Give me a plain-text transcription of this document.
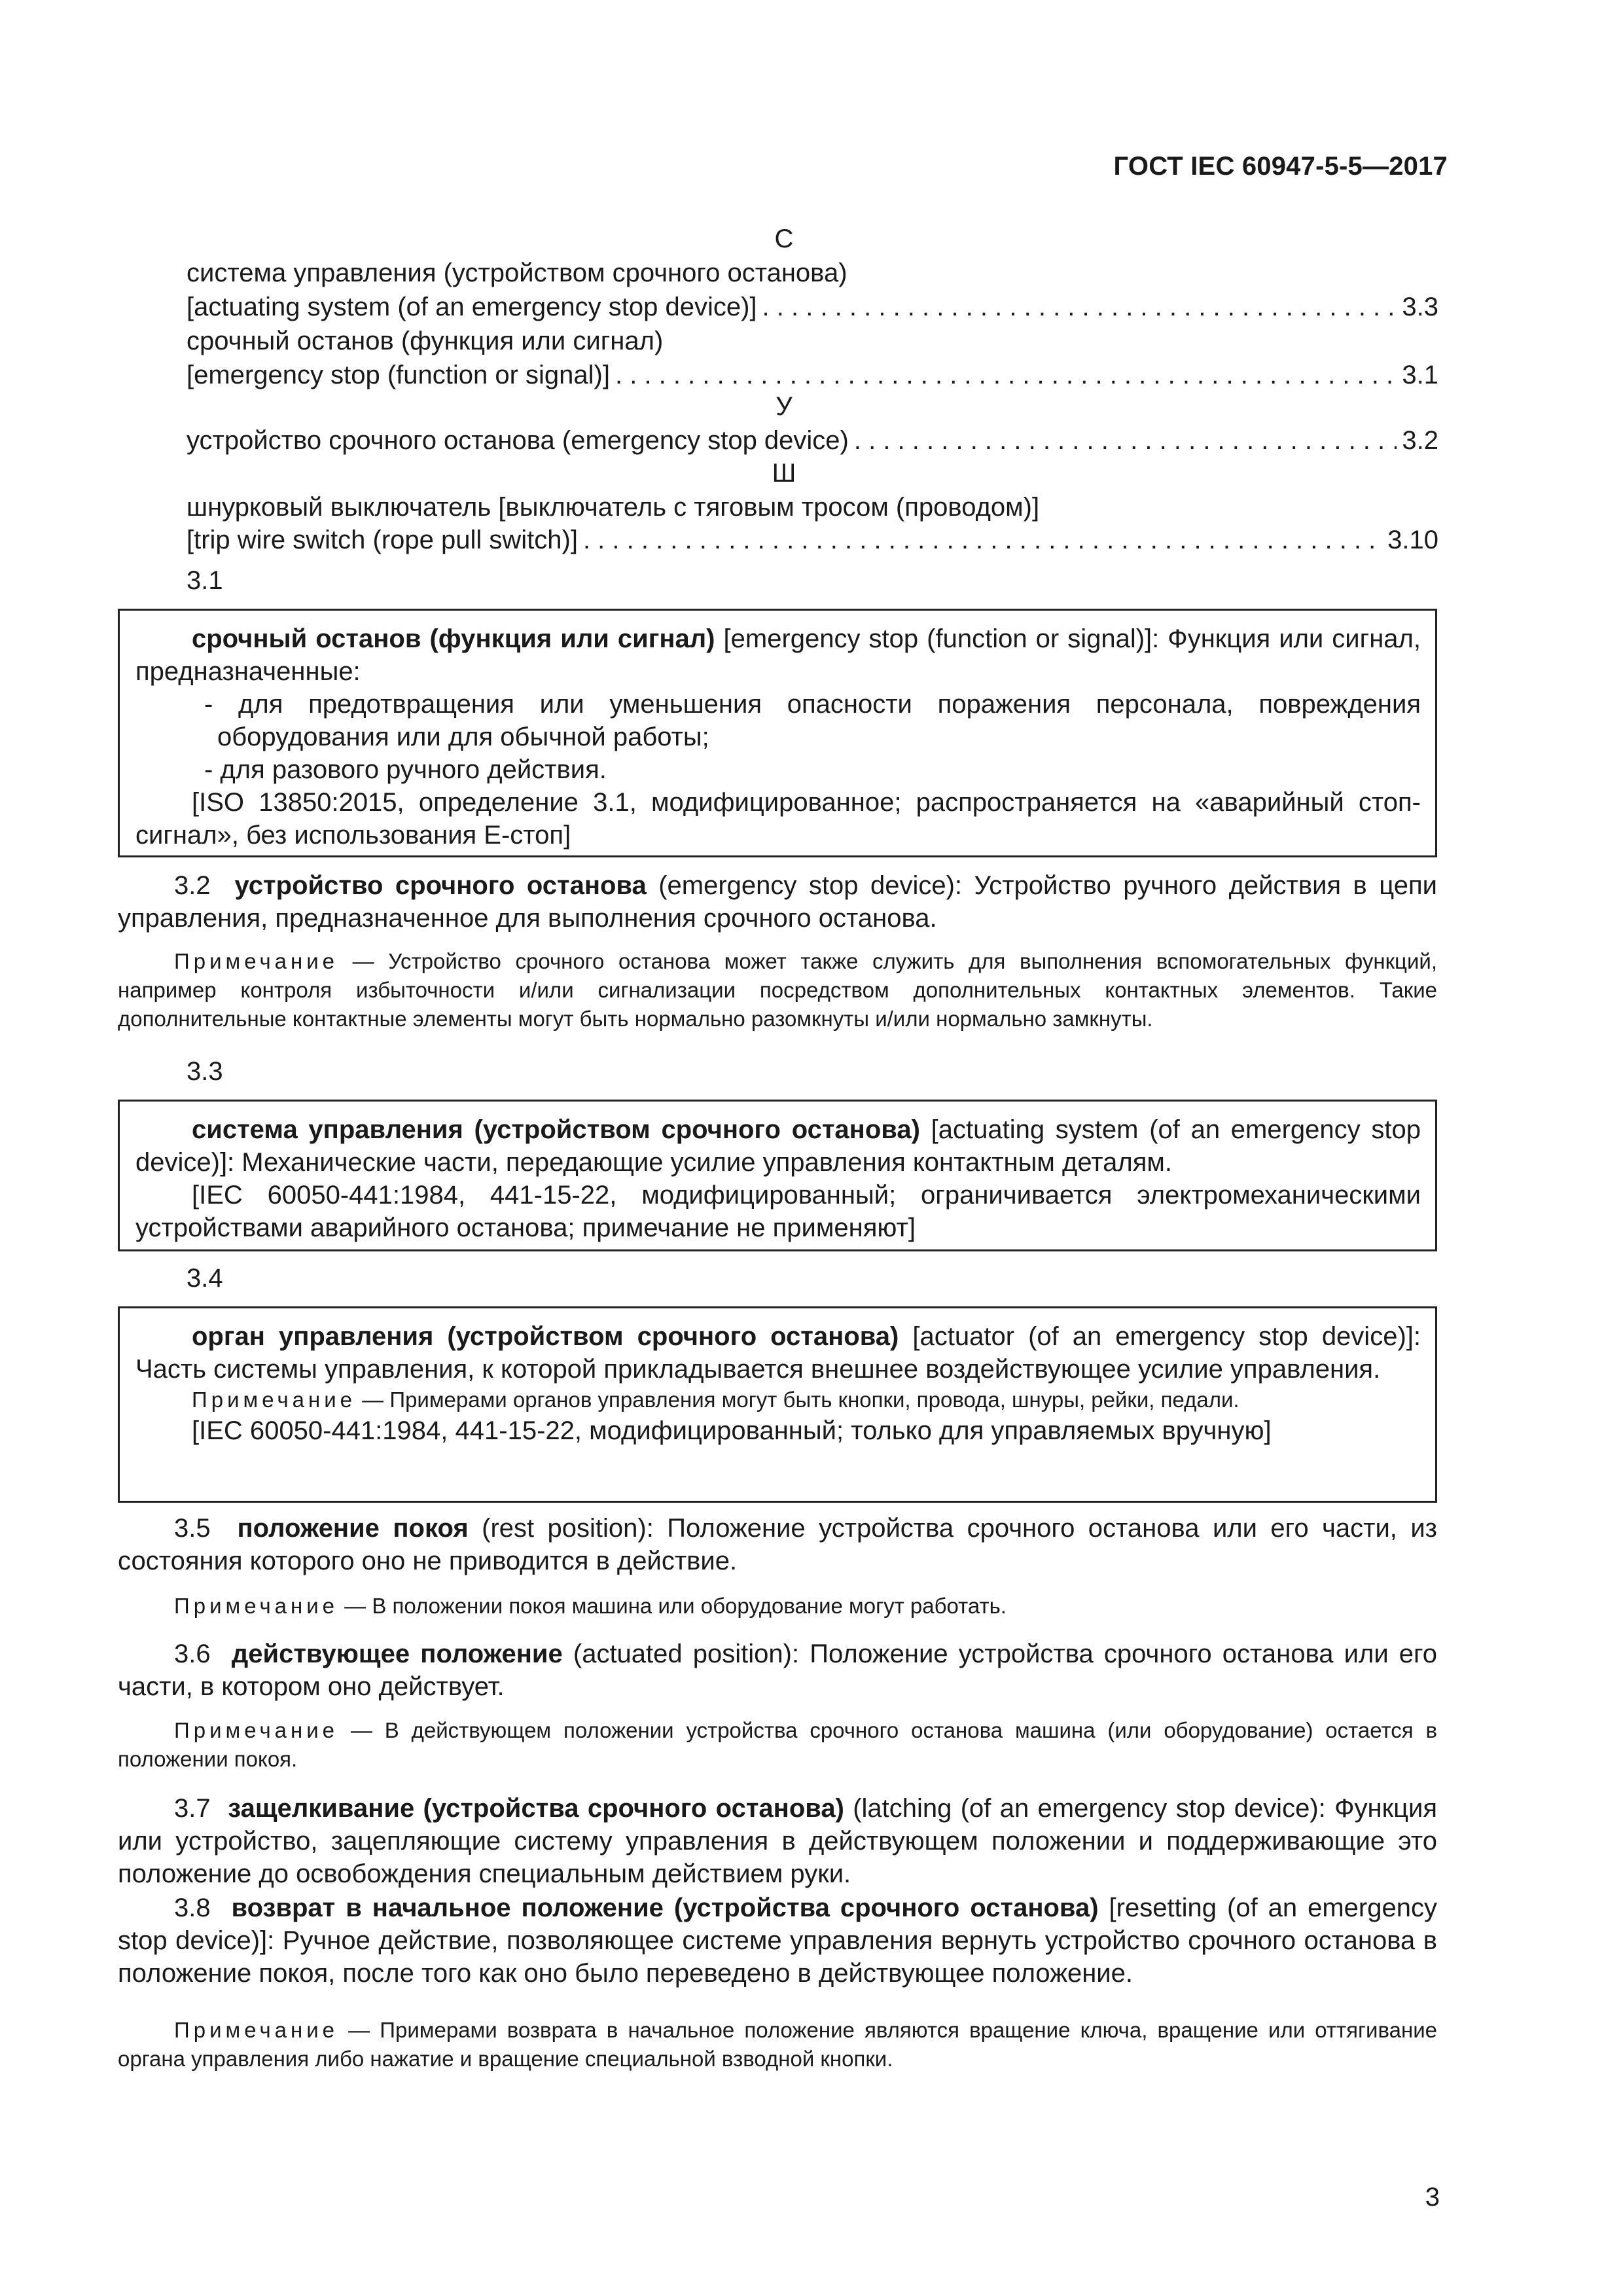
ГОСТ IEC 60947-5-5—2017
С
система управления (устройством срочного останова)
[actuating system (of an emergency stop device)] . . .	3.3
срочный останов (функция или сигнал)
[emergency stop (function or signal)] . . .	3.1
У
устройство срочного останова (emergency stop device) . . .	3.2
Ш
шнурковый выключатель [выключатель с тяговым тросом (проводом)]
[trip wire switch (rope pull switch)] . . .	3.10
3.1

срочный останов (функция или сигнал) [emergency stop (function or signal)]: Функция или сигнал, предназначенные:

- для предотвращения или уменьшения опасности поражения персонала, повреждения оборудования или для обычной работы;

- для разового ручного действия.

[ISO 13850:2015, определение 3.1, модифицированное; распространяется на «аварийный стоп-сигнал», без использования Е-стоп]

3.2 устройство срочного останова (emergency stop device): Устройство ручного действия в цепи управления, предназначенное для выполнения срочного останова.

Примечание — Устройство срочного останова может также служить для выполнения вспомогательных функций, например контроля избыточности и/или сигнализации посредством дополнительных контактных элементов. Такие дополнительные контактные элементы могут быть нормально разомкнуты и/или нормально замкнуты.
3.3

система управления (устройством срочного останова) [actuating system (of an emergency stop device)]: Механические части, передающие усилие управления контактным деталям.

[IEC 60050-441:1984, 441-15-22, модифицированный; ограничивается электромеханическими устройствами аварийного останова; примечание не применяют]

3.4

орган управления (устройством срочного останова) [actuator (of an emergency stop device)]: Часть системы управления, к которой прикладывается внешнее воздействующее усилие управления.

Примечание — Примерами органов управления могут быть кнопки, провода, шнуры, рейки, педали.

[IEC 60050-441:1984, 441-15-22, модифицированный; только для управляемых вручную]

3.5 положение покоя (rest position): Положение устройства срочного останова или его части, из состояния которого оно не приводится в действие.

Примечание — В положении покоя машина или оборудование могут работать.

3.6 действующее положение (actuated position): Положение устройства срочного останова или его части, в котором оно действует.

Примечание — В действующем положении устройства срочного останова машина (или оборудование) остается в положении покоя.

3.7 защелкивание (устройства срочного останова) (latching (of an emergency stop device): Функция или устройство, зацепляющие систему управления в действующем положении и поддерживающие это положение до освобождения специальным действием руки.

3.8 возврат в начальное положение (устройства срочного останова) [resetting (of an emergency stop device)]: Ручное действие, позволяющее системе управления вернуть устройство срочного останова в положение покоя, после того как оно было переведено в действующее положение.

Примечание — Примерами возврата в начальное положение являются вращение ключа, вращение или оттягивание органа управления либо нажатие и вращение специальной взводной кнопки.
3
